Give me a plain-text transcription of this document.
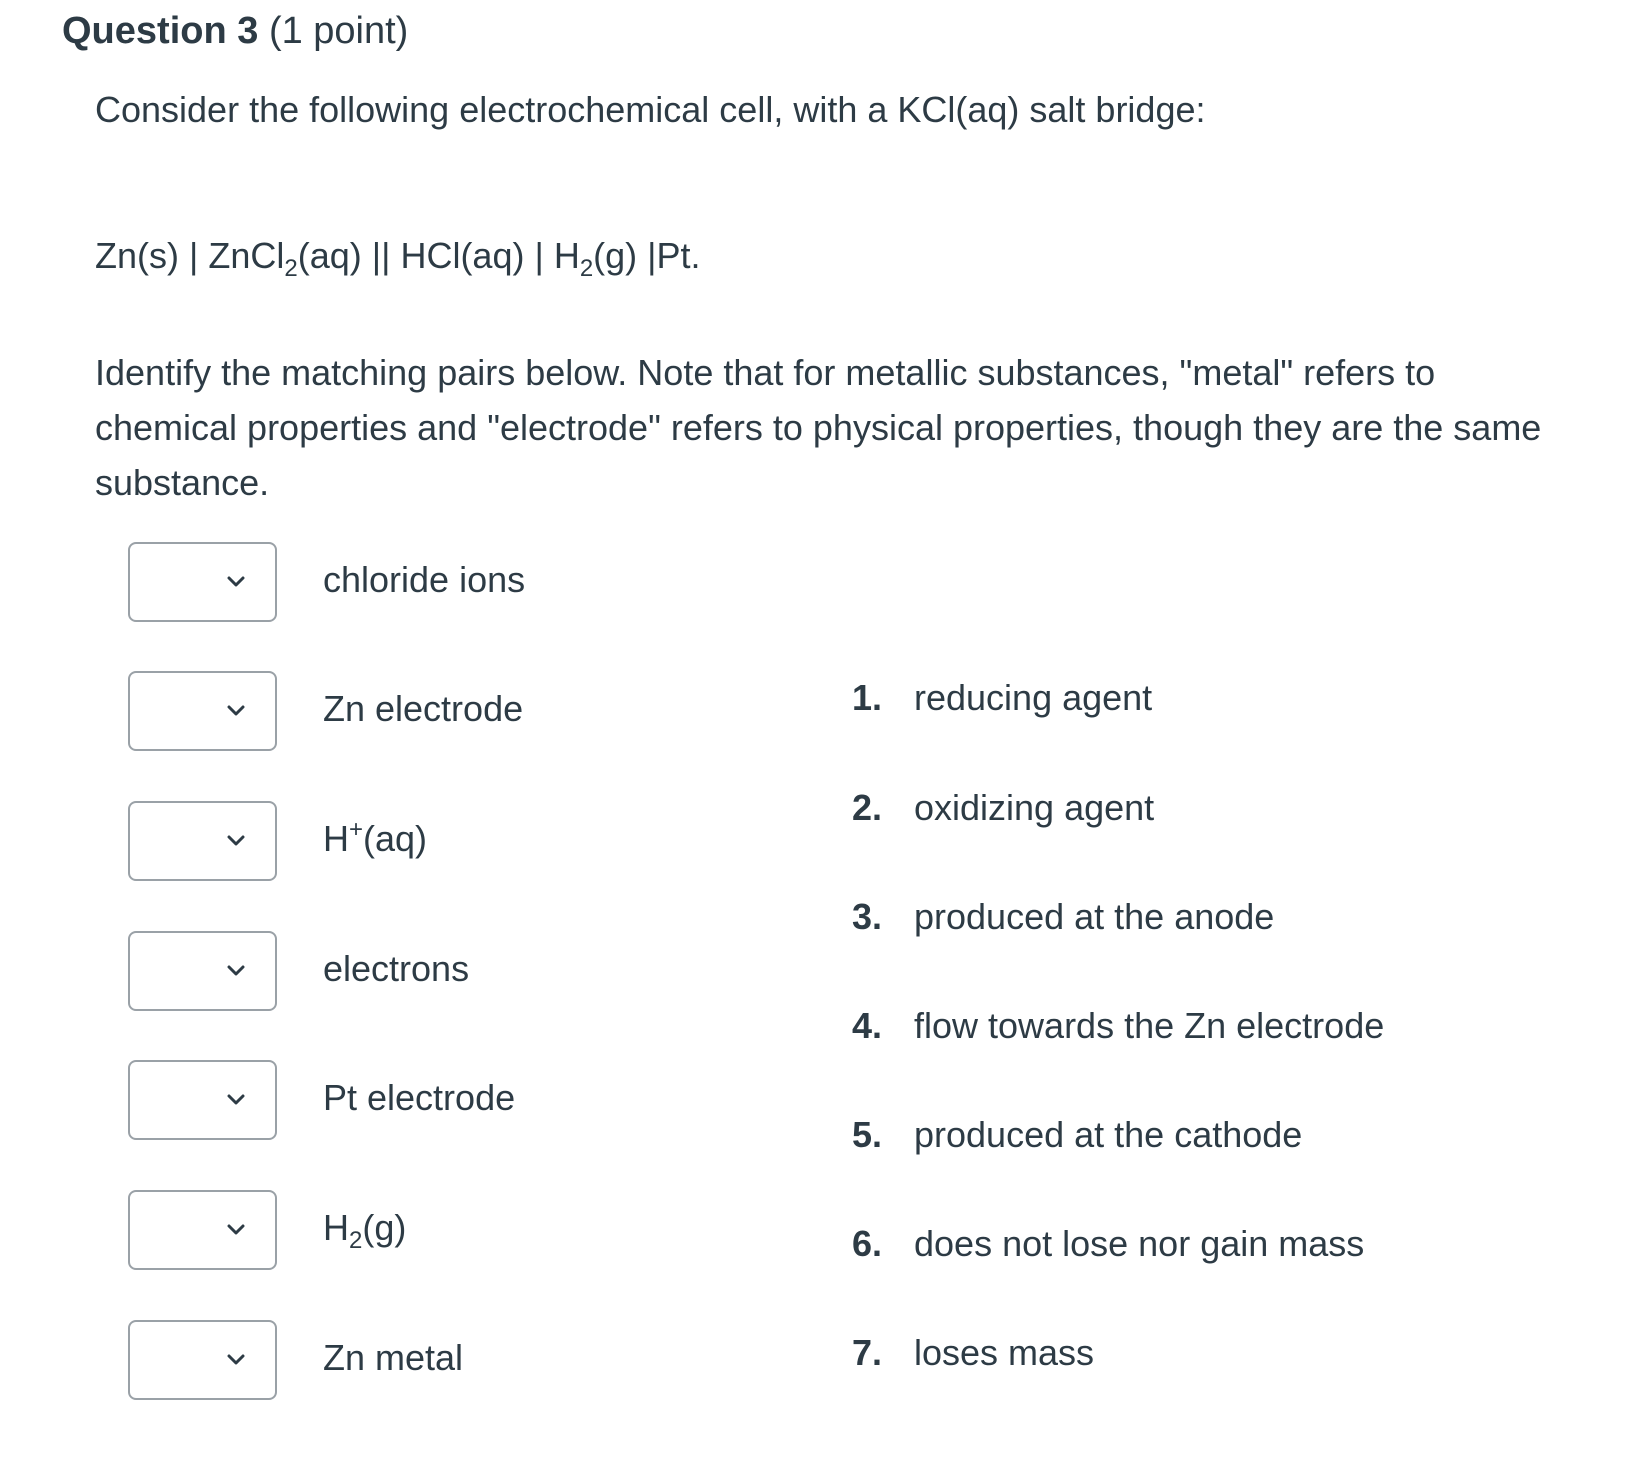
Question 3 (1 point)
Consider the following electrochemical cell, with a KCl(aq) salt bridge:
Zn(s) | ZnCl$_2$(aq) || HCl(aq) | $H_2(g)$ |Pt.
Identify the matching pairs below. Note that for metallic substances, "metal" refers to chemical properties and "electrode" refers to physical properties, though they are the same substance.
chloride ions
Zn electrode
H+(aq)
electrons
Pt electrode
$H_2(g)$
Zn metal
1. reducing agent
2. oxidizing agent
3. produced at the anode
4. flow towards the Zn electrode
5. produced at the cathode
6. does not lose nor gain mass
7. loses mass
